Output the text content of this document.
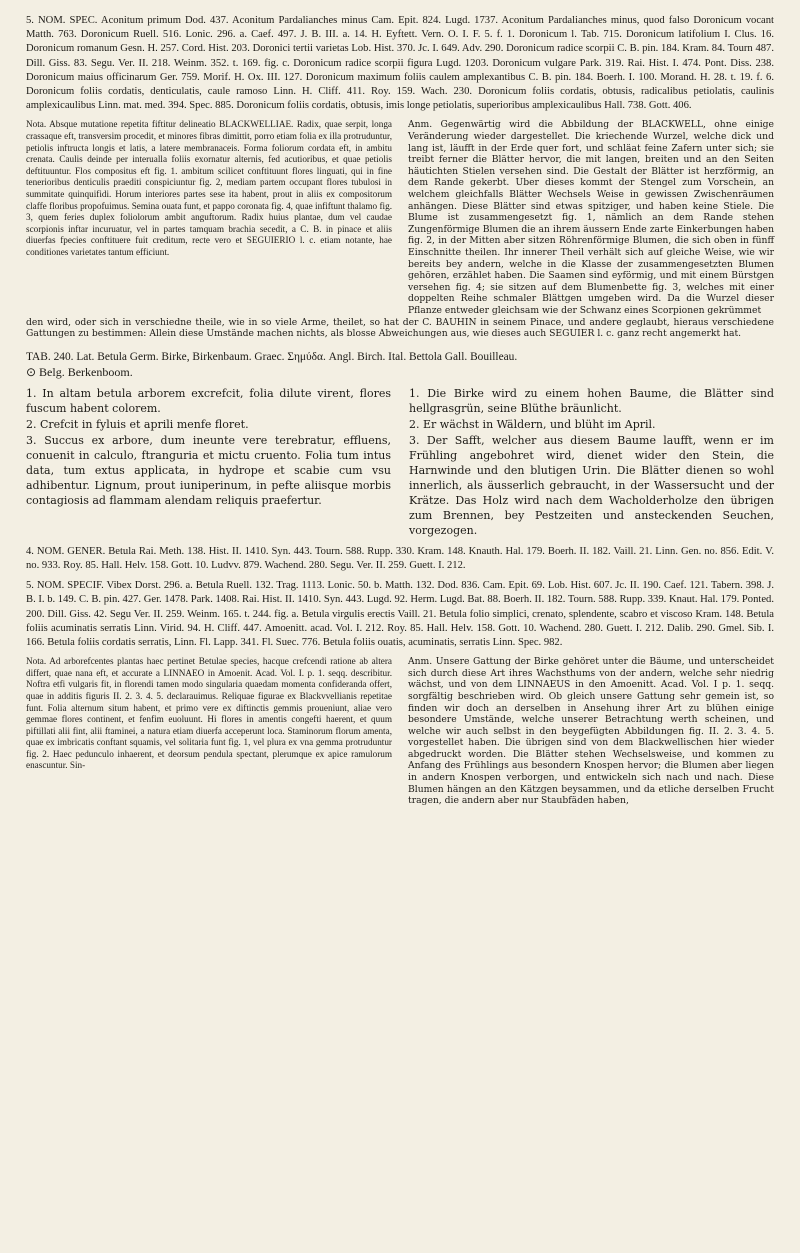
5. NOM. SPEC. Aconitum primum Dod. 437. Aconitum Pardalianches minus Cam. Epit. 824. Lugd. 1737. Aconitum Pardalianches minus, quod falso Doronicum vocant Matth. 763. Doronicum Ruell. 516. Lonic. 296. a. Caef. 497. J. B. III. a. 14. H. Eyftett. Vern. O. I. F. 5. f. 1. Doronicum l. Tab. 715. Doronicum latifolium I. Clus. 16. Doronicum romanum Gesn. H. 257. Cord. Hist. 203. Doronici tertii varietas Lob. Hist. 370. Jc. I. 649. Adv. 290. Doronicum radice scorpii C. B. pin. 184. Kram. 84. Tourn 487. Dill. Giss. 83. Segu. Ver. II. 218. Weinm. 352. t. 169. fig. c. Doronicum radice scorpii figura Lugd. 1203. Doronicum vulgare Park. 319. Rai. Hist. I. 474. Pont. Diss. 238. Doronicum maius officinarum Ger. 759. Morif. H. Ox. III. 127. Doronicum maximum foliis caulem amplexantibus C. B. pin. 184. Boerh. I. 100. Morand. H. 28. t. 19. f. 6. Doronicum foliis cordatis, denticulatis, caule ramoso Linn. H. Cliff. 411. Roy. 159. Wach. 230. Doronicum foliis cordatis, obtusis, radicalibus petiolatis, caulinis amplexicaulibus Linn. mat. med. 394. Spec. 885. Doronicum foliis cordatis, obtusis, imis longe petiolatis, superioribus amplexicaulibus Hall. 738. Gott. 406.

Nota. Absque mutatione repetita fiftitur delineatio BLACKWELLIAE. Radix, quae serpit, longa crassaque eft, transversim procedit, et minores fibras dimittit, porro etiam folia ex illa protruduntur, petiolis inftructa longis et latis, a latere membranaceis. Forma foliorum cordata eft, in ambitu crenata. Caulis deinde per interualla foliis exornatur alternis, fed acutioribus, et quae petiolis deftituuntur. Flos compositus eft fig. 1. ambitum scilicet conftituunt flores linguati, qui in fine tenerioribus denticulis praediti conspiciuntur fig. 2, mediam partem occupant flores tubulosi in summitate quinquifidi. Horum interiores partes sese ita habent, prout in aliis ex compositorum claffe floribus propofuimus. Semina ouata funt, et pappo coronata fig. 4, quae infiftunt thalamo fig. 3, quem feries duplex foliolorum ambit anguftorum. Radix huius plantae, dum vel caudae scorpionis inftar incuruatur, vel in partes tamquam brachia secedit, a C. B. in pinace et aliis diuerfas fpecies conftituere fuit creditum, recte vero et SEGUIERIO l. c. etiam notante, hae conditiones varietates tantum efficiunt.

Anm. Gegenwärtig wird die Abbildung der BLACKWELL, ohne einige Veränderung wieder dargestellet. Die kriechende Wurzel, welche dick und lang ist, läufft in der Erde quer fort, und schläat feine Zafern unter sich; sie treibt ferner die Blätter hervor, die mit langen, breiten und an den Seiten häutichten Stielen versehen sind. Die Gestalt der Blätter ist herzförmig, an dem Rande gekerbt. Uber dieses kommt der Stengel zum Vorschein, an welchem gleichfalls Blätter Wechsels Weise in gewissen Zwischenräumen anhängen. Diese Blätter sind etwas spitziger, und haben keine Stiele. Die Blume ist zusammengesetzt fig. 1, nämlich an dem Rande stehen Zungenförmige Blumen die an ihrem äussern Ende zarte Einkerbungen haben fig. 2, in der Mitten aber sitzen Röhrenförmige Blumen, die sich oben in fünff Einschnitte theilen. Ihr innerer Theil verhält sich auf gleiche Weise, wie wir bereits bey andern, welche in die Klasse der zusammengesetzten Blumen gehören, erzählet haben. Die Saamen sind eyförmig, und mit einem Bürstgen versehen fig. 4; sie sitzen auf dem Blumenbette fig. 3, welches mit einer doppelten Reihe schmaler Blättgen umgeben wird. Da die Wurzel dieser Pflanze entweder gleichsam wie der Schwanz eines Scorpionen gekrümmet

den wird, oder sich in verschiedne theile, wie in so viele Arme, theilet, so hat der C. BAUHIN in seinem Pinace, und andere geglaubt, hieraus verschiedene Gattungen zu bestimmen: Allein diese Umstände machen nichts, als blosse Abweichungen aus, wie dieses auch SEGUIER l. c. ganz recht angemerkt hat.

TAB. 240. Lat. Betula Germ. Birke, Birkenbaum. Graec. Σημύδα. Angl. Birch. Ital. Bettola Gall. Bouilleau.
⊙ Belg. Berkenboom.

1. In altam betula arborem excrefcit, folia dilute virent, flores fuscum habent colorem.

2. Crefcit in fyluis et aprili menfe floret.

3. Succus ex arbore, dum ineunte vere terebratur, effluens, conuenit in calculo, ftranguria et mictu cruento. Folia tum intus data, tum extus applicata, in hydrope et scabie cum vsu adhibentur. Lignum, prout iuniperinum, in pefte aliisque morbis contagiosis ad flammam alendam reliquis praefertur.

1. Die Birke wird zu einem hohen Baume, die Blätter sind hellgrasgrün, seine Blüthe bräunlicht.

2. Er wächst in Wäldern, und blüht im April.

3. Der Safft, welcher aus diesem Baume laufft, wenn er im Frühling angebohret wird, dienet wider den Stein, die Harnwinde und den blutigen Urin. Die Blätter dienen so wohl innerlich, als äusserlich gebraucht, in der Wassersucht und der Krätze. Das Holz wird nach dem Wacholderholze den übrigen zum Brennen, bey Pestzeiten und ansteckenden Seuchen, vorgezogen.

4. NOM. GENER. Betula Rai. Meth. 138. Hist. II. 1410. Syn. 443. Tourn. 588. Rupp. 330. Kram. 148. Knauth. Hal. 179. Boerh. II. 182. Vaill. 21. Linn. Gen. no. 856. Edit. V. no. 933. Roy. 85. Hall. Helv. 158. Gott. 10. Ludvv. 879. Wachend. 280. Segu. Ver. II. 259. Guett. I. 212.

5. NOM. SPECIF. Vibex Dorst. 296. a. Betula Ruell. 132. Trag. 1113. Lonic. 50. b. Matth. 132. Dod. 836. Cam. Epit. 69. Lob. Hist. 607. Jc. II. 190. Caef. 121. Tabern. 398. J. B. I. b. 149. C. B. pin. 427. Ger. 1478. Park. 1408. Rai. Hist. II. 1410. Syn. 443. Lugd. 92. Herm. Lugd. Bat. 88. Boerh. II. 182. Tourn. 588. Rupp. 339. Knaut. Hal. 179. Ponted. 200. Dill. Giss. 42. Segu Ver. II. 259. Weinm. 165. t. 244. fig. a. Betula virgulis erectis Vaill. 21. Betula folio simplici, crenato, splendente, scabro et viscoso Kram. 148. Betula foliis acuminatis serratis Linn. Virid. 94. H. Cliff. 447. Amoenitt. acad. Vol. I. 212. Roy. 85. Hall. Helv. 158. Gott. 10. Wachend. 280. Guett. I. 212. Dalib. 290. Gmel. Sib. I. 166. Betula foliis cordatis serratis, Linn. Fl. Lapp. 341. Fl. Suec. 776. Betula foliis ouatis, acuminatis, serratis Linn. Spec. 982.

Nota. Ad arborefcentes plantas haec pertinet Betulae species, hacque crefcendi ratione ab altera differt, quae nana eft, et accurate a LINNAEO in Amoenit. Acad. Vol. I. p. 1. seqq. describitur. Noftra etfi vulgaris fit, in florendi tamen modo singularia quaedam momenta confideranda offert, quae in additis figuris II. 2. 3. 4. 5. declarauimus. Reliquae figurae ex Blackvvellianis repetitae funt. Folia alternum situm habent, et primo vere ex diftinctis gemmis proueniunt, aliae vero gemmae flores continent, et fenfim euoluunt. Hi flores in amentis congefti haerent, et quum piftillati alii fint, alii ftaminei, a natura etiam diuerfa acceperunt loca. Staminorum florum amenta, quae ex imbricatis conftant squamis, vel solitaria funt fig. 1, vel plura ex vna gemma protruduntur fig. 2. Haec pedunculo inhaerent, et deorsum pendula spectant, plerumque ex apice ramulorum enascuntur. Sin-

Anm. Unsere Gattung der Birke gehöret unter die Bäume, und unterscheidet sich durch diese Art ihres Wachsthums von der andern, welche sehr niedrig wächst, und von dem LINNAEUS in den Amoenitt. Acad. Vol. I p. 1. seqq. sorgfältig beschrieben wird. Ob gleich unsere Gattung sehr gemein ist, so finden wir doch an derselben in Ansehung ihrer Art zu blühen einige besondere Umstände, welche unserer Betrachtung werth scheinen, und welche wir auch selbst in den beygefügten Abbildungen fig. II. 2. 3. 4. 5. vorgestellet haben. Die übrigen sind von dem Blackwellischen hier wieder abgedruckt worden. Die Blätter stehen Wechselsweise, und kommen zu Anfang des Frühlings aus besondern Knospen hervor; die Blumen aber liegen in andern Knospen verborgen, und entwickeln sich nach und nach. Diese Blumen hängen an den Kätzgen beysammen, und da etliche derselben Frucht tragen, die andern aber nur Staubfäden haben,
